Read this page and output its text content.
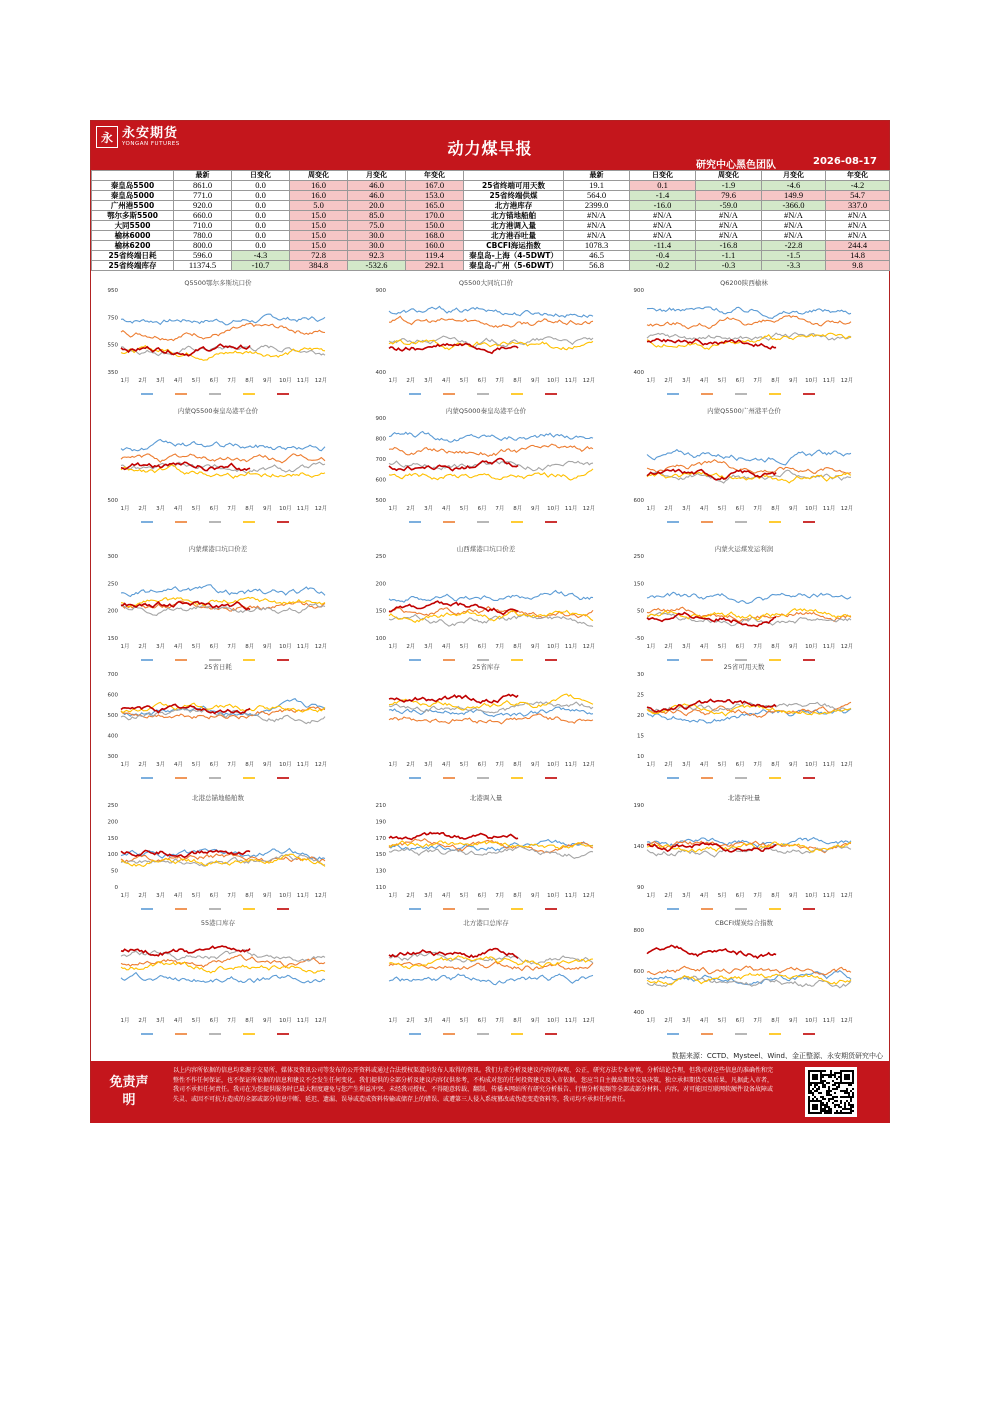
永 永安期货
YONGAN FUTURES	动力煤早报
研究中心黑色团队	2026-08-17
	最新	日变化	周变化	月变化	年变化		最新	日变化	周变化	月变化	年变化
秦皇岛5500	861.0	0.0	16.0	46.0	167.0	25省终端可用天数	19.1	0.1	-1.9	-4.6	-4.2
秦皇岛5000	771.0	0.0	16.0	46.0	153.0	25省终端供煤	564.0	-1.4	79.6	149.9	54.7
广州港5500	920.0	0.0	5.0	20.0	165.0	北方港库存	2399.0	-16.0	-59.0	-366.0	337.0
鄂尔多斯5500	660.0	0.0	15.0	85.0	170.0	北方锚地船舶	#N/A	#N/A	#N/A	#N/A	#N/A
大同5500	710.0	0.0	15.0	75.0	150.0	北方港调入量	#N/A	#N/A	#N/A	#N/A	#N/A
榆林6000	780.0	0.0	15.0	30.0	168.0	北方港吞吐量	#N/A	#N/A	#N/A	#N/A	#N/A
榆林6200	800.0	0.0	15.0	30.0	160.0	CBCFI海运指数	1078.3	-11.4	-16.8	-22.8	244.4
25省终端日耗	596.0	-4.3	72.8	92.3	119.4	秦皇岛-上海（4-5DWT）	46.5	-0.4	-1.1	-1.5	14.8
25省终端库存	11374.5	-10.7	384.8	-532.6	292.1	秦皇岛-广州（5-6DWT）	56.8	-0.2	-0.3	-3.3	9.8
Q5500鄂尔多斯坑口价
950
750
550
350
1月 2月 3月 4月 5月 6月 7月 8月 9月 10月 11月 12月
Q5500大同坑口价
900
400
1月 2月 3月 4月 5月 6月 7月 8月 9月 10月 11月 12月
Q6200陕西榆林
900
400
1月 2月 3月 4月 5月 6月 7月 8月 9月 10月 11月 12月
内蒙Q5500秦皇岛港平仓价
500
1月 2月 3月 4月 5月 6月 7月 8月 9月 10月 11月 12月
内蒙Q5000秦皇岛港平仓价
900
800
700
600
500
1月 2月 3月 4月 5月 6月 7月 8月 9月 10月 11月 12月
内蒙Q5500广州港平仓价
600
1月 2月 3月 4月 5月 6月 7月 8月 9月 10月 11月 12月
内蒙煤港口坑口价差
300
250
200
150
1月 2月 3月 4月 5月 6月 7月 8月 9月 10月 11月 12月
山西煤港口坑口价差
250
200
150
100
1月 2月 3月 4月 5月 6月 7月 8月 9月 10月 11月 12月
内蒙火运煤发运利润
250
150
50
-50
1月 2月 3月 4月 5月 6月 7月 8月 9月 10月 11月 12月
25省日耗
700
600
500
400
300
1月 2月 3月 4月 5月 6月 7月 8月 9月 10月 11月 12月
25省库存
1月 2月 3月 4月 5月 6月 7月 8月 9月 10月 11月 12月
25省可用天数
30
25
20
15
10
1月 2月 3月 4月 5月 6月 7月 8月 9月 10月 11月 12月
北港总锚地船舶数
250
200
150
100
50
0
1月 2月 3月 4月 5月 6月 7月 8月 9月 10月 11月 12月
北港调入量
210
190
170
150
130
110
1月 2月 3月 4月 5月 6月 7月 8月 9月 10月 11月 12月
北港吞吐量
190
140
90
1月 2月 3月 4月 5月 6月 7月 8月 9月 10月 11月 12月
55港口库存
1月 2月 3月 4月 5月 6月 7月 8月 9月 10月 11月 12月
北方港口总库存
1月 2月 3月 4月 5月 6月 7月 8月 9月 10月 11月 12月
CBCFI煤炭综合指数
800
600
400
1月 2月 3月 4月 5月 6月 7月 8月 9月 10月 11月 12月
数据来源：CCTD、Mysteel、Wind、金正整源、永安期货研究中心
免责声明
以上内容所依据的信息均来源于交易所、媒体及资讯公司等发布的公开资料或通过合法授权渠道向发布人取得的资讯。我们力求分析及建议内容的客观、公正，研究方法专业审慎，分析结论合理，但我司对这些信息的准确性和完整性不作任何保证，也不保证所依据的信息和建议不会发生任何变化。我们提供的全部分析及建议内容仅供参考，不构成对您的任何投资建议及入市依据，您应当自主做出期货交易决策，独立承担期货交易后果，凡据此入市者，我司不承担任何责任。我司在为您提供服务时已最大程度避免与您产生利益冲突。未经我司授权，不得随意转载、翻制、传播本网站所有研究分析报告、行情分析视频等全部或部分材料、内容。对可能因互联网软硬件设备故障或失灵、或因不可抗力造成的全部或部分信息中断、延迟、遗漏、误导或造成资料传输或储存上的错误、或遭第三人侵入系统篡改或伪造变造资料等，我司均不承担任何责任。
